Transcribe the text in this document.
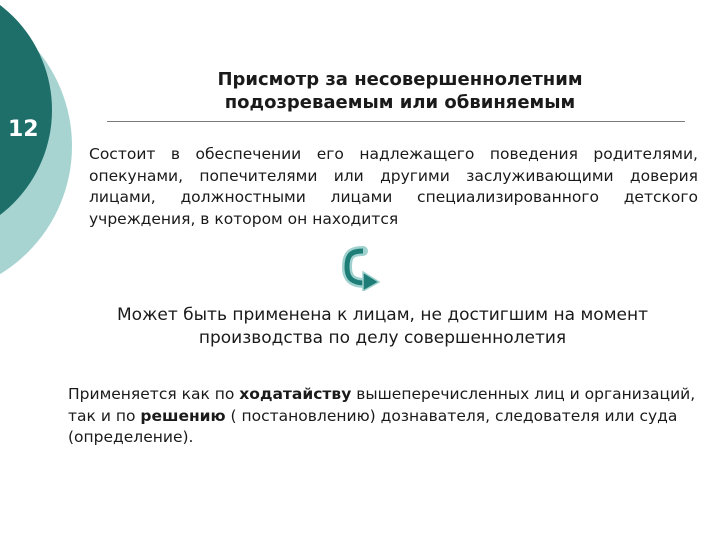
12
Присмотр за несовершеннолетним
подозреваемым или обвиняемым
Состоит в обеспечении его надлежащего поведения родителями, опекунами, попечителями или другими заслуживающими доверия лицами, должностными лицами специализированного детского учреждения, в котором он находится
Может быть применена к лицам, не достигшим на момент
производства по делу совершеннолетия
Применяется как по ходатайству вышеперечисленных лиц и организаций, так и по решению ( постановлению) дознавателя, следователя или суда (определение).
